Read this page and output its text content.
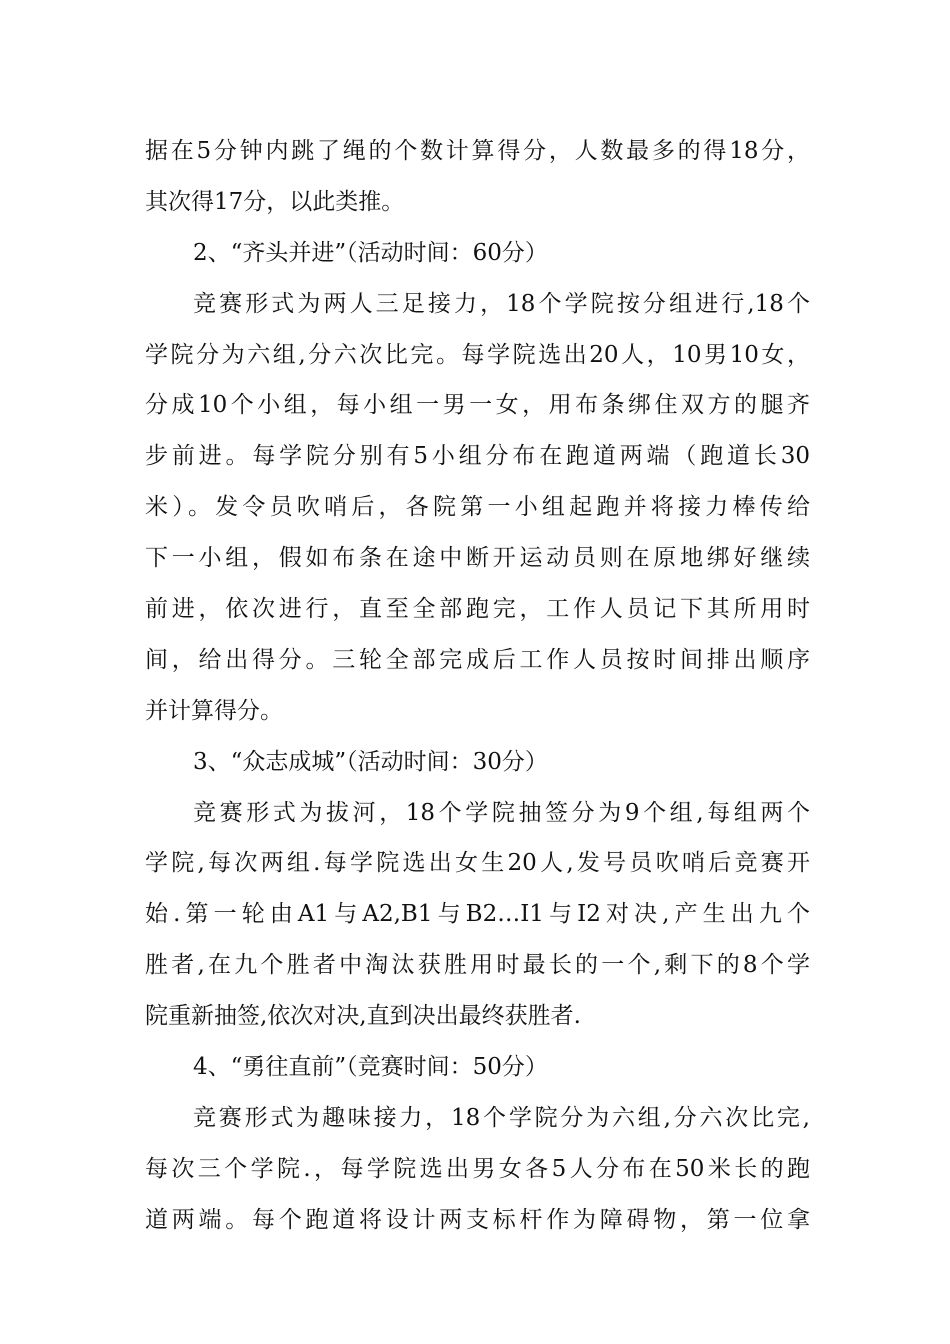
据在5分钟内跳了绳的个数计算得分，人数最多的得18分，
其次得17分，以此类推。
2、“齐头并进”（活动时间：60分）
竞赛形式为两人三足接力，18个学院按分组进行,18个
学院分为六组,分六次比完。每学院选出20人，10男10女，
分成10个小组，每小组一男一女，用布条绑住双方的腿齐
步前进。每学院分别有5小组分布在跑道两端（跑道长30
米）。发令员吹哨后，各院第一小组起跑并将接力棒传给
下一小组，假如布条在途中断开运动员则在原地绑好继续
前进，依次进行，直至全部跑完，工作人员记下其所用时
间，给出得分。三轮全部完成后工作人员按时间排出顺序
并计算得分。
3、“众志成城”（活动时间：30分）
竞赛形式为拔河，18个学院抽签分为9个组,每组两个
学院,每次两组.每学院选出女生20人,发号员吹哨后竞赛开
始.第一轮由A1与A2,B1与B2…I1与I2对决,产生出九个
胜者,在九个胜者中淘汰获胜用时最长的一个,剩下的8个学
院重新抽签,依次对决,直到决出最终获胜者.
4、“勇往直前”（竞赛时间：50分）
竞赛形式为趣味接力，18个学院分为六组,分六次比完,
每次三个学院.，每学院选出男女各5人分布在50米长的跑
道两端。每个跑道将设计两支标杆作为障碍物，第一位拿
